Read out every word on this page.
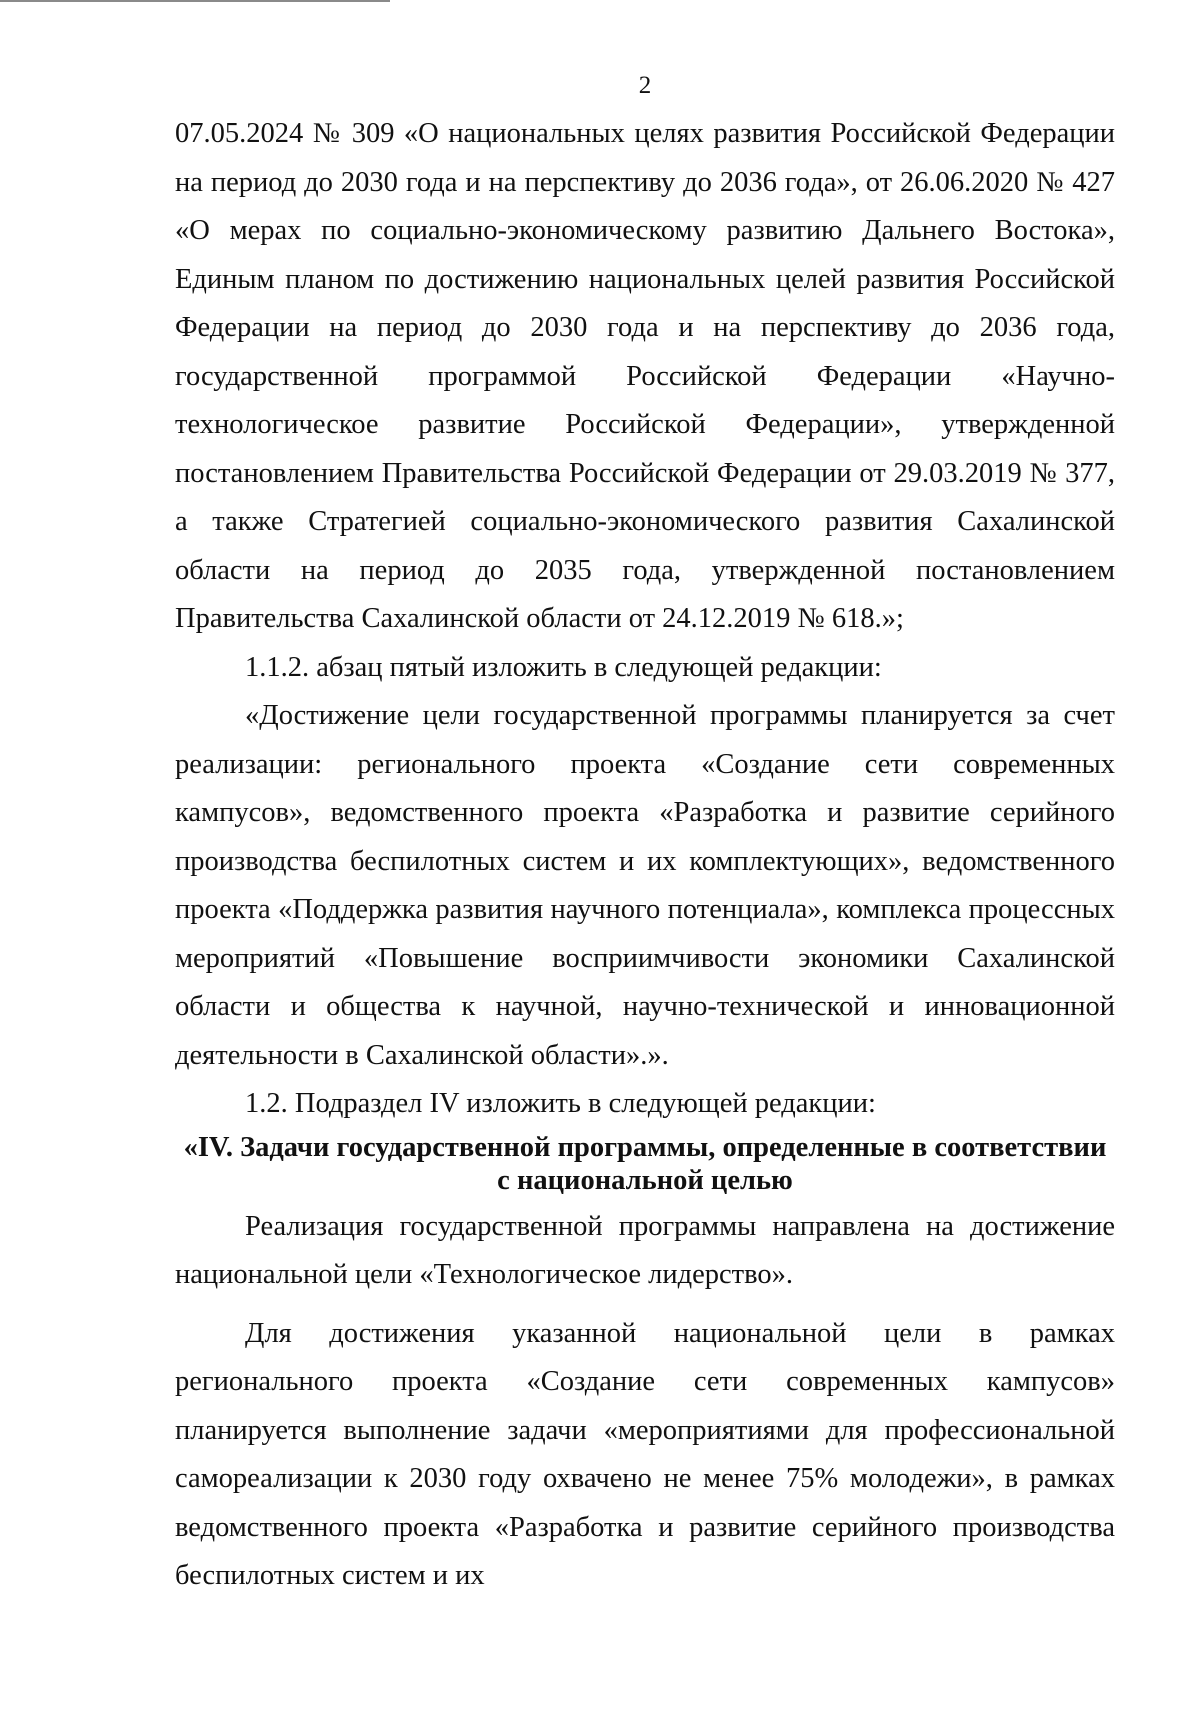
2

07.05.2024 № 309 «О национальных целях развития Российской Федерации на период до 2030 года и на перспективу до 2036 года», от 26.06.2020 № 427 «О мерах по социально-экономическому развитию Дальнего Востока», Единым планом по достижению национальных целей развития Российской Федерации на период до 2030 года и на перспективу до 2036 года, государственной программой Российской Федерации «Научно-технологическое развитие Российской Федерации», утвержденной постановлением Правительства Российской Федерации от 29.03.2019 № 377, а также Стратегией социально-экономического развития Сахалинской области на период до 2035 года, утвержденной постановлением Правительства Сахалинской области от 24.12.2019 № 618.»;

1.1.2. абзац пятый изложить в следующей редакции:

«Достижение цели государственной программы планируется за счет реализации: регионального проекта «Создание сети современных кампусов», ведомственного проекта «Разработка и развитие серийного производства беспилотных систем и их комплектующих», ведомственного проекта «Поддержка развития научного потенциала», комплекса процессных мероприятий «Повышение восприимчивости экономики Сахалинской области и общества к научной, научно-технической и инновационной деятельности в Сахалинской области».».

1.2. Подраздел IV изложить в следующей редакции:

«IV. Задачи государственной программы, определенные в соответствии с национальной целью

Реализация государственной программы направлена на достижение национальной цели «Технологическое лидерство».

Для достижения указанной национальной цели в рамках регионального проекта «Создание сети современных кампусов» планируется выполнение задачи «мероприятиями для профессиональной самореализации к 2030 году охвачено не менее 75% молодежи», в рамках ведомственного проекта «Разработка и развитие серийного производства беспилотных систем и их
